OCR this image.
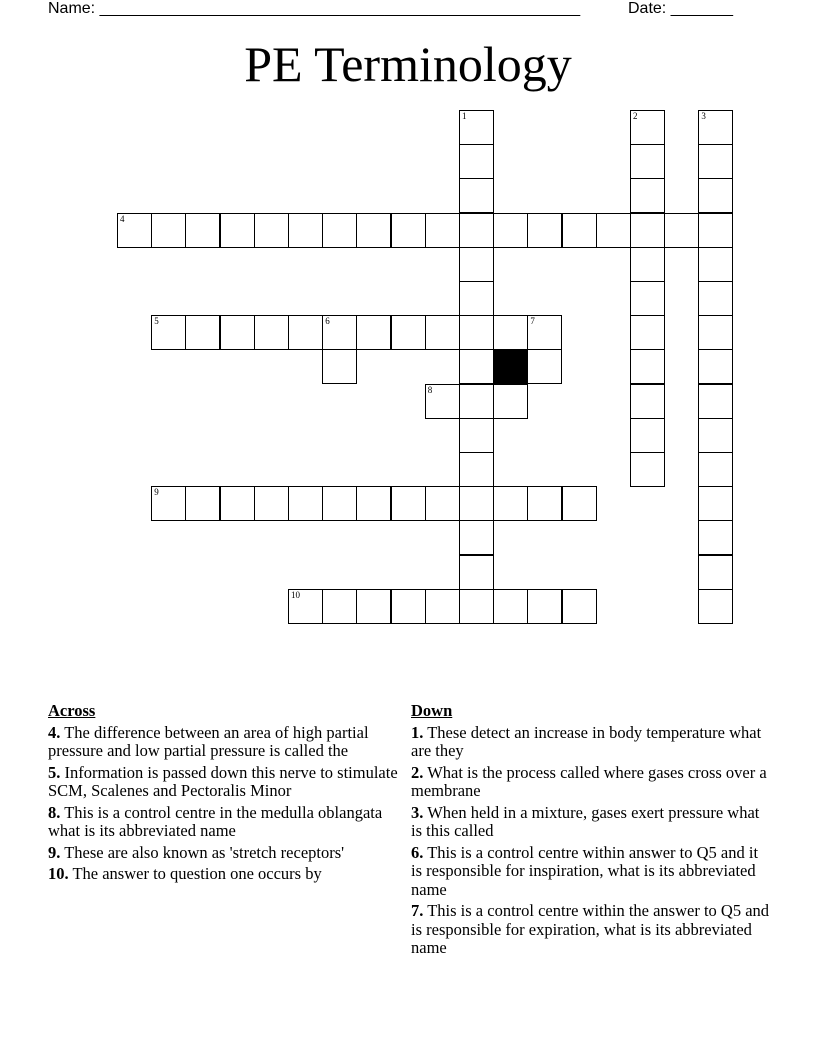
Name: ______________________________________________________	Date: _______
PE Terminology
1	2	3
4
5	6	7
8
9
10
Across
4. The difference between an area of high partial pressure and low partial pressure is called the
5. Information is passed down this nerve to stimulate SCM, Scalenes and Pectoralis Minor
8. This is a control centre in the medulla oblangata what is its abbreviated name
9. These are also known as 'stretch receptors'
10. The answer to question one occurs by
Down
1. These detect an increase in body temperature what are they
2. What is the process called where gases cross over a membrane
3. When held in a mixture, gases exert pressure what is this called
6. This is a control centre within answer to Q5 and it is responsible for inspiration, what is its abbreviated name
7. This is a control centre within the answer to Q5 and is responsible for expiration, what is its abbreviated name
